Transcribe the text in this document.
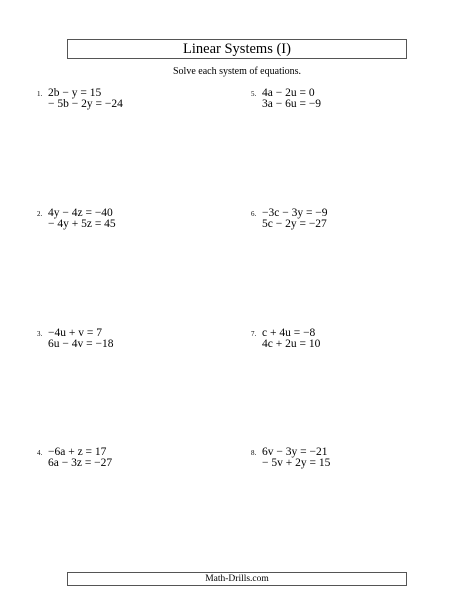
Linear Systems (I)
Solve each system of equations.
1. 2b − y = 15
− 5b − 2y = −24
2. 4y − 4z = −40
− 4y + 5z = 45
3. −4u + v = 7
6u − 4v = −18
4. −6a + z = 17
6a − 3z = −27
5. 4a − 2u = 0
3a − 6u = −9
6. −3c − 3y = −9
5c − 2y = −27
7. c + 4u = −8
4c + 2u = 10
8. 6v − 3y = −21
− 5v + 2y = 15
Math-Drills.com
